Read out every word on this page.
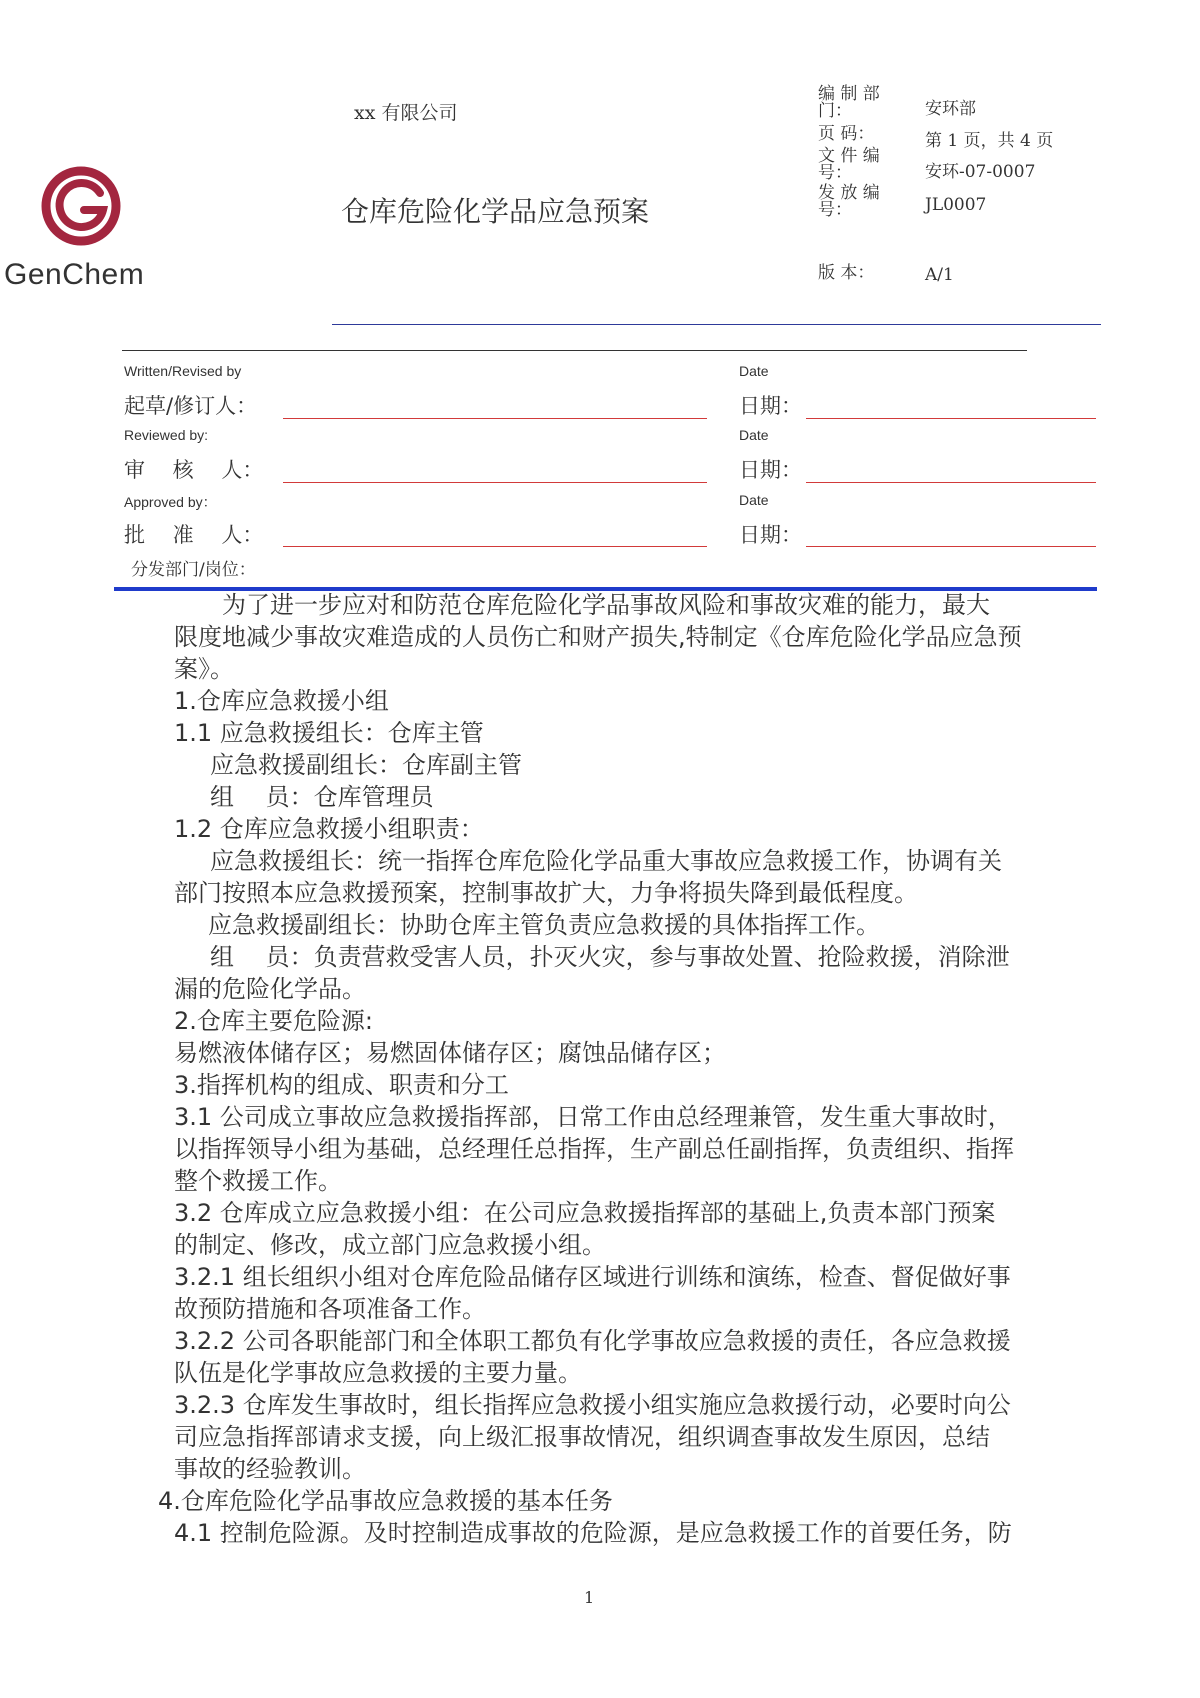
GenChem
xx 有限公司
仓库危险化学品应急预案
编 制 部 门：	安环部
页 码：	第 1 页，共 4 页
文 件 编 号：	安环-07-0007
发 放 编 号：	JL0007
版 本：	A/1
Written/Revised by
起草/修订人：
Date
日期：
Reviewed by:
审　 核　 人：
Date
日期：
Approved by：
批　 准　 人：
Date
日期：
分发部门/岗位：
为了进一步应对和防范仓库危险化学品事故风险和事故灾难的能力，最大
限度地减少事故灾难造成的人员伤亡和财产损失,特制定《仓库危险化学品应急预
案》。
1.仓库应急救援小组
1.1 应急救援组长：仓库主管
应急救援副组长：仓库副主管
组　 员：仓库管理员
1.2 仓库应急救援小组职责：
应急救援组长：统一指挥仓库危险化学品重大事故应急救援工作，协调有关
部门按照本应急救援预案，控制事故扩大，力争将损失降到最低程度。
应急救援副组长：协助仓库主管负责应急救援的具体指挥工作。
组　 员：负责营救受害人员，扑灭火灾，参与事故处置、抢险救援，消除泄
漏的危险化学品。
2.仓库主要危险源:
易燃液体储存区；易燃固体储存区；腐蚀品储存区；
3.指挥机构的组成、职责和分工
3.1 公司成立事故应急救援指挥部，日常工作由总经理兼管，发生重大事故时，
以指挥领导小组为基础，总经理任总指挥，生产副总任副指挥，负责组织、指挥
整个救援工作。
3.2 仓库成立应急救援小组：在公司应急救援指挥部的基础上,负责本部门预案
的制定、修改，成立部门应急救援小组。
3.2.1 组长组织小组对仓库危险品储存区域进行训练和演练，检查、督促做好事
故预防措施和各项准备工作。
3.2.2 公司各职能部门和全体职工都负有化学事故应急救援的责任，各应急救援
队伍是化学事故应急救援的主要力量。
3.2.3 仓库发生事故时，组长指挥应急救援小组实施应急救援行动，必要时向公
司应急指挥部请求支援，向上级汇报事故情况，组织调查事故发生原因，总结
事故的经验教训。
4.仓库危险化学品事故应急救援的基本任务
4.1 控制危险源。及时控制造成事故的危险源，是应急救援工作的首要任务，防
1
